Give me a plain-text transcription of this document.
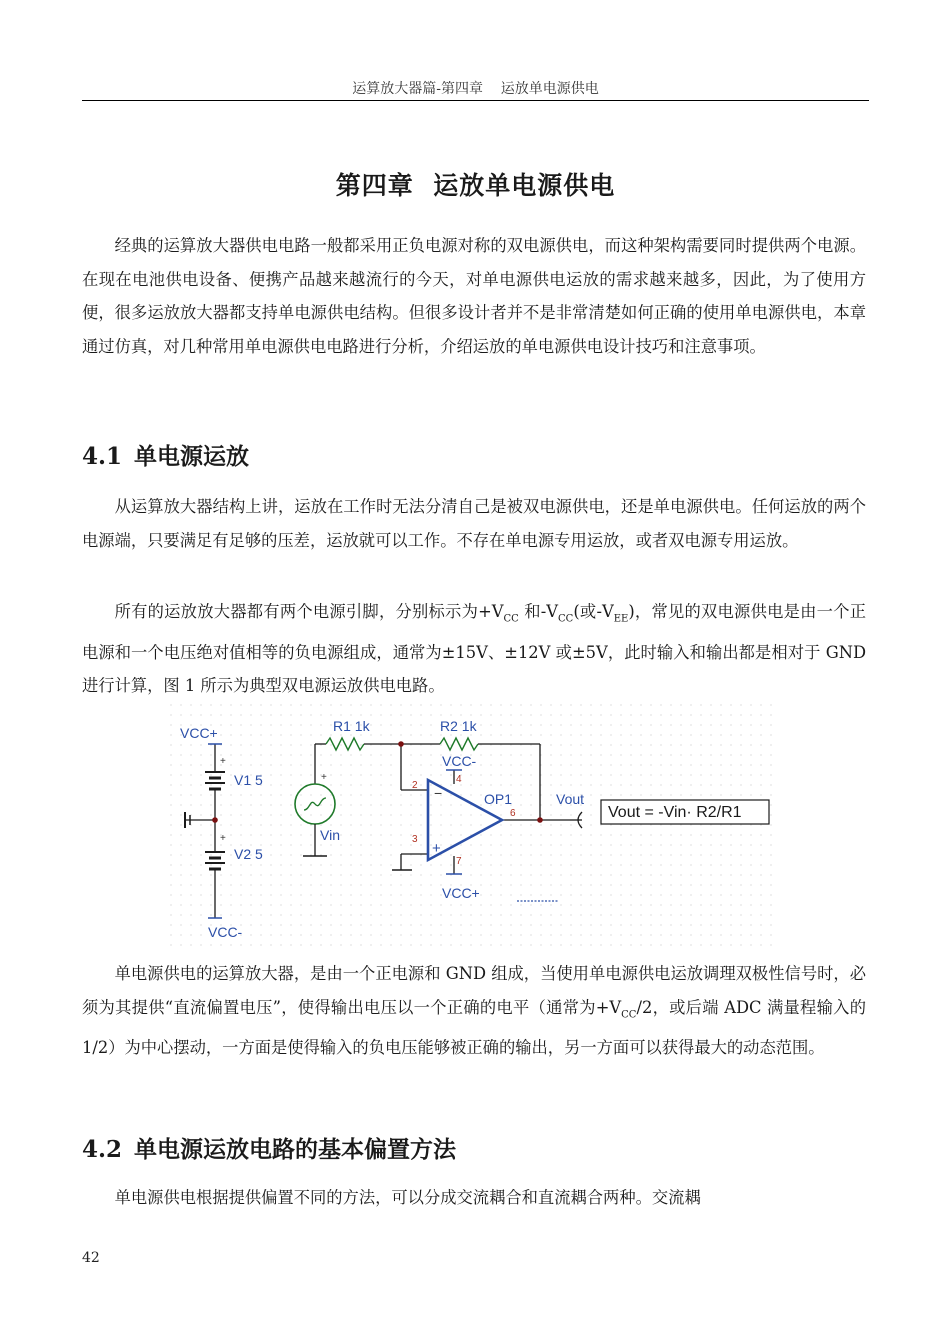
运算放大器篇-第四章 运放单电源供电
第四章  运放单电源供电

经典的运算放大器供电电路一般都采用正负电源对称的双电源供电，而这种架构需要同时提供两个电源。在现在电池供电设备、便携产品越来越流行的今天，对单电源供电运放的需求越来越多，因此，为了使用方便，很多运放放大器都支持单电源供电结构。但很多设计者并不是非常清楚如何正确的使用单电源供电，本章通过仿真，对几种常用单电源供电电路进行分析，介绍运放的单电源供电设计技巧和注意事项。

4.1 单电源运放

从运算放大器结构上讲，运放在工作时无法分清自己是被双电源供电，还是单电源供电。任何运放的两个电源端，只要满足有足够的压差，运放就可以工作。不存在单电源专用运放，或者双电源专用运放。

所有的运放放大器都有两个电源引脚，分别标示为$+V_{CC}$ 和$-V_{CC}$(或$-V_{EE}$)，常见的双电源供电是由一个正电源和一个电压绝对值相等的负电源组成，通常为±15V、±12V 或±5V，此时输入和输出都是相对于 GND 进行计算，图 1 所示为典型双电源运放供电电路。

VCC+
V1 5
V2 5
VCC-
+
+
+
Vin
R1 1k	R2 1k
−
+
2
3
4
6
7
OP1
VCC-
VCC+
Vout
Vout = -Vin· R2/R1

单电源供电的运算放大器，是由一个正电源和 GND 组成，当使用单电源供电运放调理双极性信号时，必须为其提供“直流偏置电压”，使得输出电压以一个正确的电平（通常为$+V_{CC}/2$，或后端 ADC 满量程输入的 1/2）为中心摆动，一方面是使得输入的负电压能够被正确的输出，另一方面可以获得最大的动态范围。

4.2 单电源运放电路的基本偏置方法

单电源供电根据提供偏置不同的方法，可以分成交流耦合和直流耦合两种。交流耦

42
